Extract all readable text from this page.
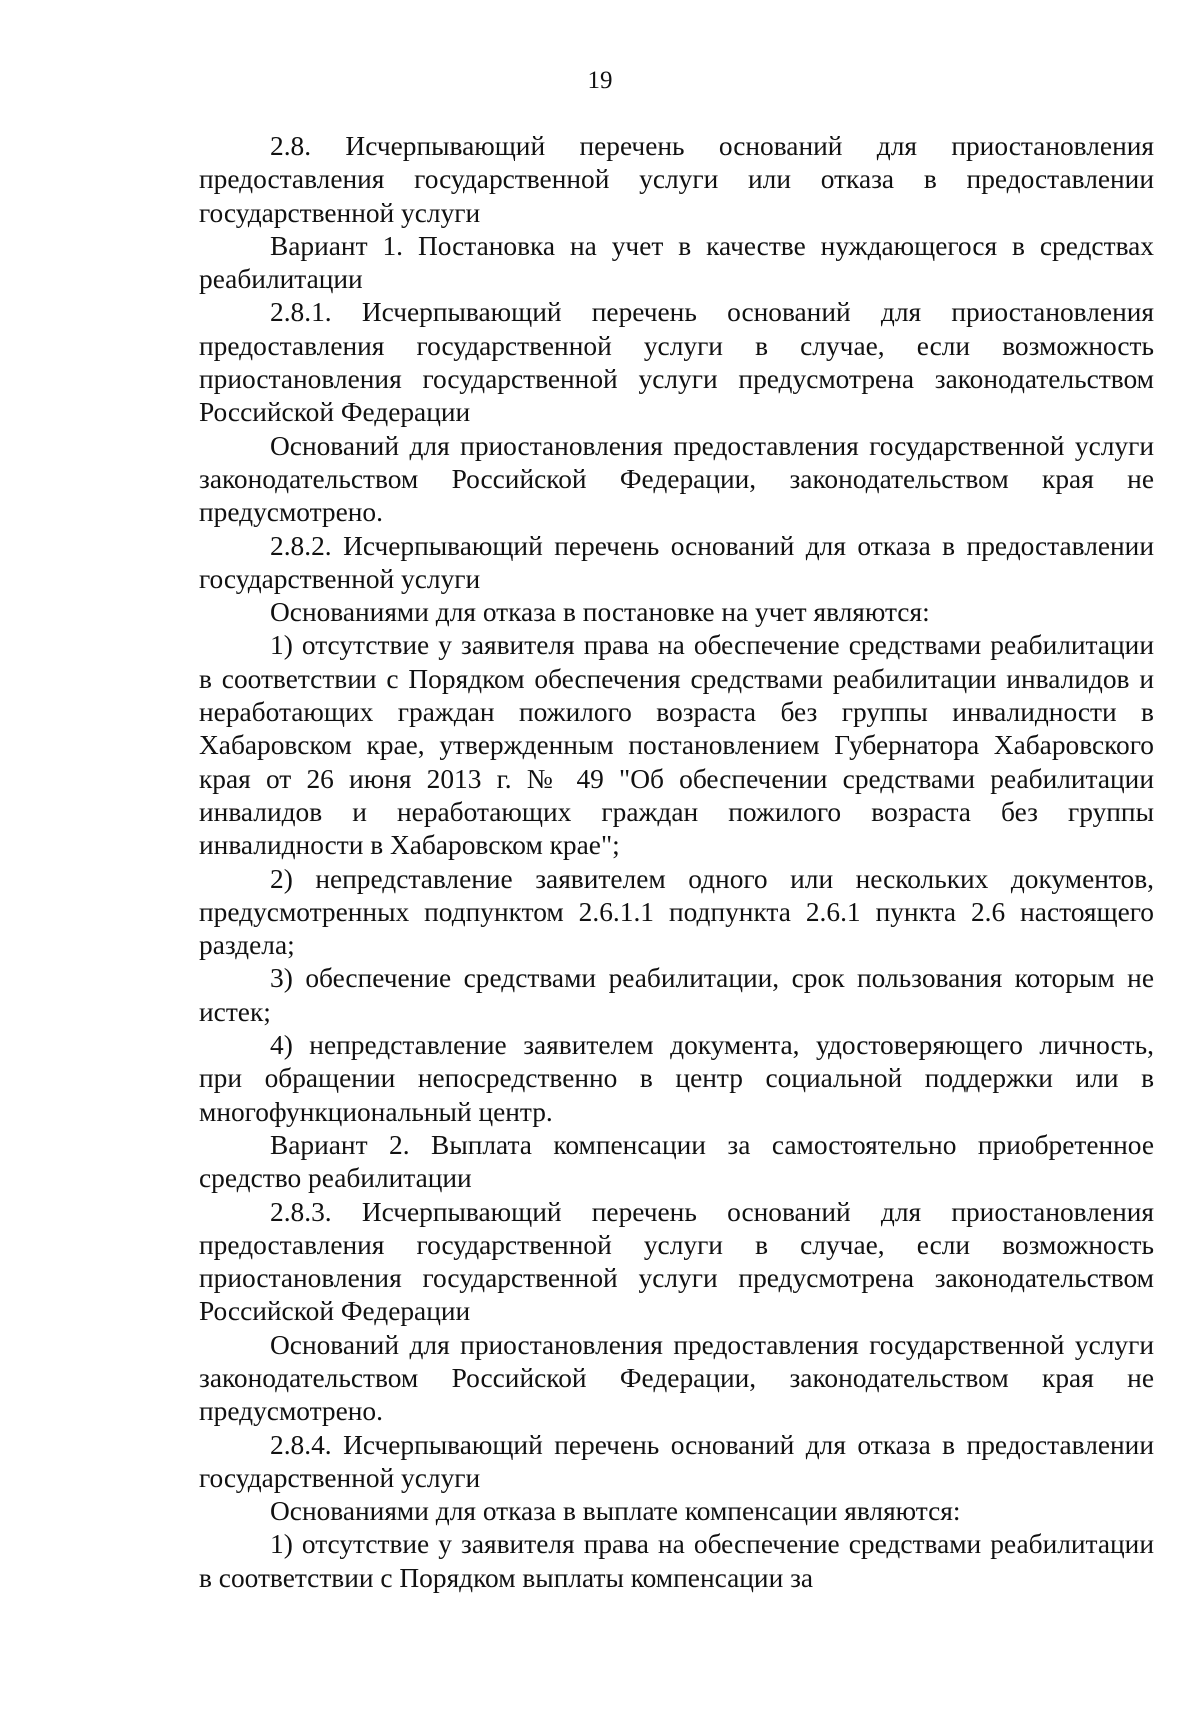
19

2.8. Исчерпывающий перечень оснований для приостановления предоставления государственной услуги или отказа в предоставлении государственной услуги

Вариант 1. Постановка на учет в качестве нуждающегося в средствах реабилитации

2.8.1. Исчерпывающий перечень оснований для приостановления предоставления государственной услуги в случае, если возможность приостановления государственной услуги предусмотрена законодательством Российской Федерации

Оснований для приостановления предоставления государственной услуги законодательством Российской Федерации, законодательством края не предусмотрено.

2.8.2. Исчерпывающий перечень оснований для отказа в предоставлении государственной услуги

Основаниями для отказа в постановке на учет являются:

1) отсутствие у заявителя права на обеспечение средствами реабилитации в соответствии с Порядком обеспечения средствами реабилитации инвалидов и неработающих граждан пожилого возраста без группы инвалидности в Хабаровском крае, утвержденным постановлением Губернатора Хабаровского края от 26 июня 2013 г. № 49 "Об обеспечении средствами реабилитации инвалидов и неработающих граждан пожилого возраста без группы инвалидности в Хабаровском крае";

2) непредставление заявителем одного или нескольких документов, предусмотренных подпунктом 2.6.1.1 подпункта 2.6.1 пункта 2.6 настоящего раздела;

3) обеспечение средствами реабилитации, срок пользования которым не истек;

4) непредставление заявителем документа, удостоверяющего личность, при обращении непосредственно в центр социальной поддержки или в многофункциональный центр.

Вариант 2. Выплата компенсации за самостоятельно приобретенное средство реабилитации

2.8.3. Исчерпывающий перечень оснований для приостановления предоставления государственной услуги в случае, если возможность приостановления государственной услуги предусмотрена законодательством Российской Федерации

Оснований для приостановления предоставления государственной услуги законодательством Российской Федерации, законодательством края не предусмотрено.

2.8.4. Исчерпывающий перечень оснований для отказа в предоставлении государственной услуги

Основаниями для отказа в выплате компенсации являются:

1) отсутствие у заявителя права на обеспечение средствами реабилитации в соответствии с Порядком выплаты компенсации за
